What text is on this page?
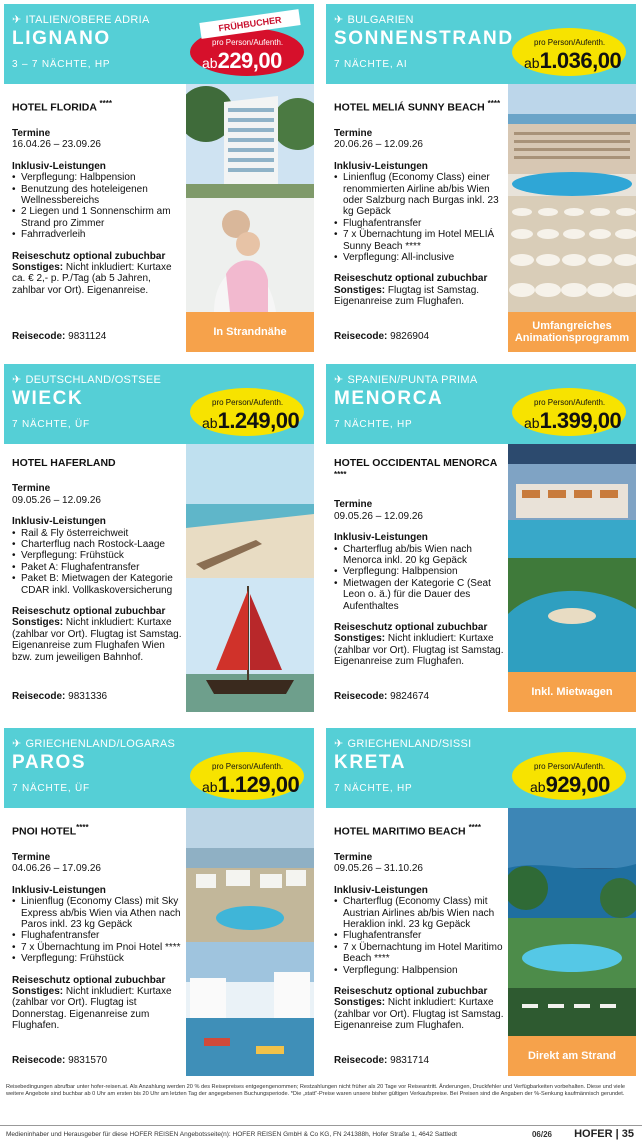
✈ ITALIEN/OBERE ADRIA
LIGNANO
3 – 7 NÄCHTE, HP
FRÜHBUCHER
pro Person/Aufenth.
ab229,00
HOTEL FLORIDA ****
Termine
16.04.26 – 23.09.26
Inklusiv-Leistungen
• Verpflegung: Halbpension
• Benutzung des hoteleigenen Wellnessbereichs
• 2 Liegen und 1 Sonnenschirm am Strand pro Zimmer
• Fahrradverleih
Reiseschutz optional zubuchbar
Sonstiges: Nicht inkludiert: Kurtaxe ca. € 2,- p. P./Tag (ab 5 Jahren, zahlbar vor Ort). Eigenanreise.
Reisecode: 9831124	In Strandnähe
✈ BULGARIEN
SONNENSTRAND
7 NÄCHTE, AI
pro Person/Aufenth.
ab1.036,00
HOTEL MELIÁ SUNNY BEACH ****
Termine
20.06.26 – 12.09.26
Inklusiv-Leistungen
• Linienflug (Economy Class) einer renommierten Airline ab/bis Wien oder Salzburg nach Burgas inkl. 23 kg Gepäck
• Flughafentransfer
• 7 x Übernachtung im Hotel MELIÁ Sunny Beach ****
• Verpflegung: All-inclusive
Reiseschutz optional zubuchbar
Sonstiges: Flugtag ist Samstag. Eigenanreise zum Flughafen.
Reisecode: 9826904
Umfangreiches Animationsprogramm
✈ DEUTSCHLAND/OSTSEE
WIECK
7 NÄCHTE, ÜF
pro Person/Aufenth.
ab1.249,00
HOTEL HAFERLAND
Termine
09.05.26 – 12.09.26
Inklusiv-Leistungen
• Rail & Fly österreichweit
• Charterflug nach Rostock-Laage
• Verpflegung: Frühstück
• Paket A: Flughafentransfer
• Paket B: Mietwagen der Kategorie CDAR inkl. Vollkaskoversicherung
Reiseschutz optional zubuchbar
Sonstiges: Nicht inkludiert: Kurtaxe (zahlbar vor Ort). Flugtag ist Samstag. Eigenanreise zum Flughafen Wien bzw. zum jeweiligen Bahnhof.
Reisecode: 9831336
✈ SPANIEN/PUNTA PRIMA
MENORCA
7 NÄCHTE, HP
pro Person/Aufenth.
ab1.399,00
HOTEL OCCIDENTAL MENORCA ****
Termine
09.05.26 – 12.09.26
Inklusiv-Leistungen
• Charterflug ab/bis Wien nach Menorca inkl. 20 kg Gepäck
• Verpflegung: Halbpension
• Mietwagen der Kategorie C (Seat Leon o. ä.) für die Dauer des Aufenthaltes
Reiseschutz optional zubuchbar
Sonstiges: Nicht inkludiert: Kurtaxe (zahlbar vor Ort). Flugtag ist Samstag. Eigenanreise zum Flughafen.
Reisecode: 9824674	Inkl. Mietwagen
✈ GRIECHENLAND/LOGARAS
PAROS
7 NÄCHTE, ÜF
pro Person/Aufenth.
ab1.129,00
PNOI HOTEL****
Termine
04.06.26 – 17.09.26
Inklusiv-Leistungen
• Linienflug (Economy Class) mit Sky Express ab/bis Wien via Athen nach Paros inkl. 23 kg Gepäck
• Flughafentransfer
• 7 x Übernachtung im Pnoi Hotel ****
• Verpflegung: Frühstück
Reiseschutz optional zubuchbar
Sonstiges: Nicht inkludiert: Kurtaxe (zahlbar vor Ort). Flugtag ist Donnerstag. Eigenanreise zum Flughafen.
Reisecode: 9831570
✈ GRIECHENLAND/SISSI
KRETA
7 NÄCHTE, HP
pro Person/Aufenth.
ab929,00
HOTEL MARITIMO BEACH ****
Termine
09.05.26 – 31.10.26
Inklusiv-Leistungen
• Charterflug (Economy Class) mit Austrian Airlines ab/bis Wien nach Heraklion inkl. 23 kg Gepäck
• Flughafentransfer
• 7 x Übernachtung im Hotel Maritimo Beach ****
• Verpflegung: Halbpension
Reiseschutz optional zubuchbar
Sonstiges: Nicht inkludiert: Kurtaxe (zahlbar vor Ort). Flugtag ist Samstag. Eigenanreise zum Flughafen.
Reisecode: 9831714	Direkt am Strand
Reisebedingungen abrufbar unter hofer-reisen.at. Als Anzahlung werden 20 % des Reisepreises entgegengenommen; Restzahlungen nicht früher als 20 Tage vor Reiseantritt. Änderungen, Druckfehler und Verfügbarkeiten vorbehalten. Diese und viele weitere Angebote sind buchbar ab 0 Uhr am ersten bis 20 Uhr am letzten Tag der angegebenen Buchungsperiode. *Die „statt“-Preise waren unsere bisher gültigen Verkaufspreise. Bei Preisen sind die Angaben der %-Senkung kaufmännisch gerundet.
Medieninhaber und Herausgeber für diese HOFER REISEN Angebotsseite(n): HOFER REISEN GmbH & Co KG, FN 241388h, Hofer Straße 1, 4642 Sattledt	06/26 HOFER | 35
